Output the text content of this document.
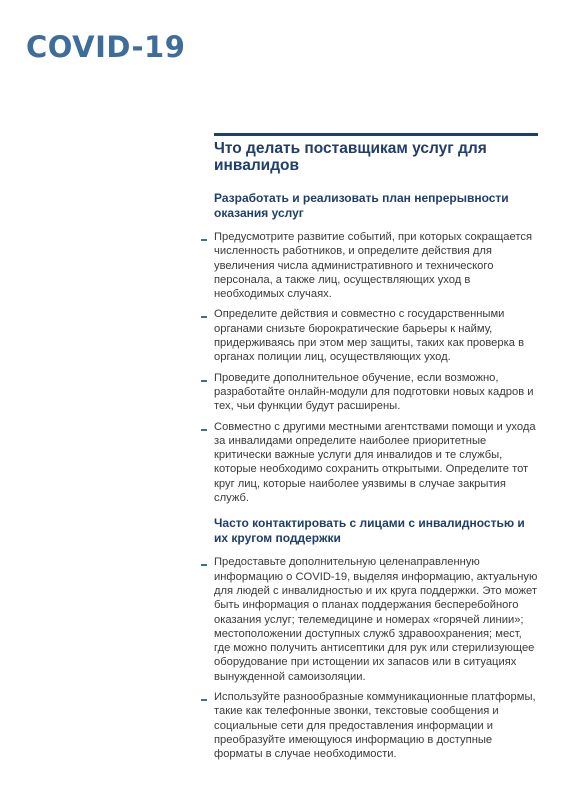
COVID-19
Что делать поставщикам услуг для инвалидов
Разработать и реализовать план непрерывности оказания услуг
Предусмотрите развитие событий, при которых сокращается численность работников, и определите действия для увеличения числа административного и технического персонала, а также лиц, осуществляющих уход в необходимых случаях.
Определите действия и совместно с государственными органами снизьте бюрократические барьеры к найму, придерживаясь при этом мер защиты, таких как проверка в органах полиции лиц, осуществляющих уход.
Проведите дополнительное обучение, если возможно, разработайте онлайн-модули для подготовки новых кадров и тех, чьи функции будут расширены.
Совместно с другими местными агентствами помощи и ухода за инвалидами определите наиболее приоритетные критически важные услуги для инвалидов и те службы, которые необходимо сохранить открытыми. Определите тот круг лиц, которые наиболее уязвимы в случае закрытия служб.
Часто контактировать с лицами с инвалидностью и их кругом поддержки
Предоставьте дополнительную целенаправленную информацию о COVID-19, выделяя информацию, актуальную для людей с инвалидностью и их круга поддержки. Это может быть информация о планах поддержания бесперебойного оказания услуг; телемедицине и номерах «горячей линии»; местоположении доступных служб здравоохранения; мест, где можно получить антисептики для рук или стерилизующее оборудование при истощении их запасов или в ситуациях вынужденной самоизоляции.
Используйте разнообразные коммуникационные платформы, такие как телефонные звонки, текстовые сообщения и социальные сети для предоставления информации и преобразуйте имеющуюся информацию в доступные форматы в случае необходимости.
